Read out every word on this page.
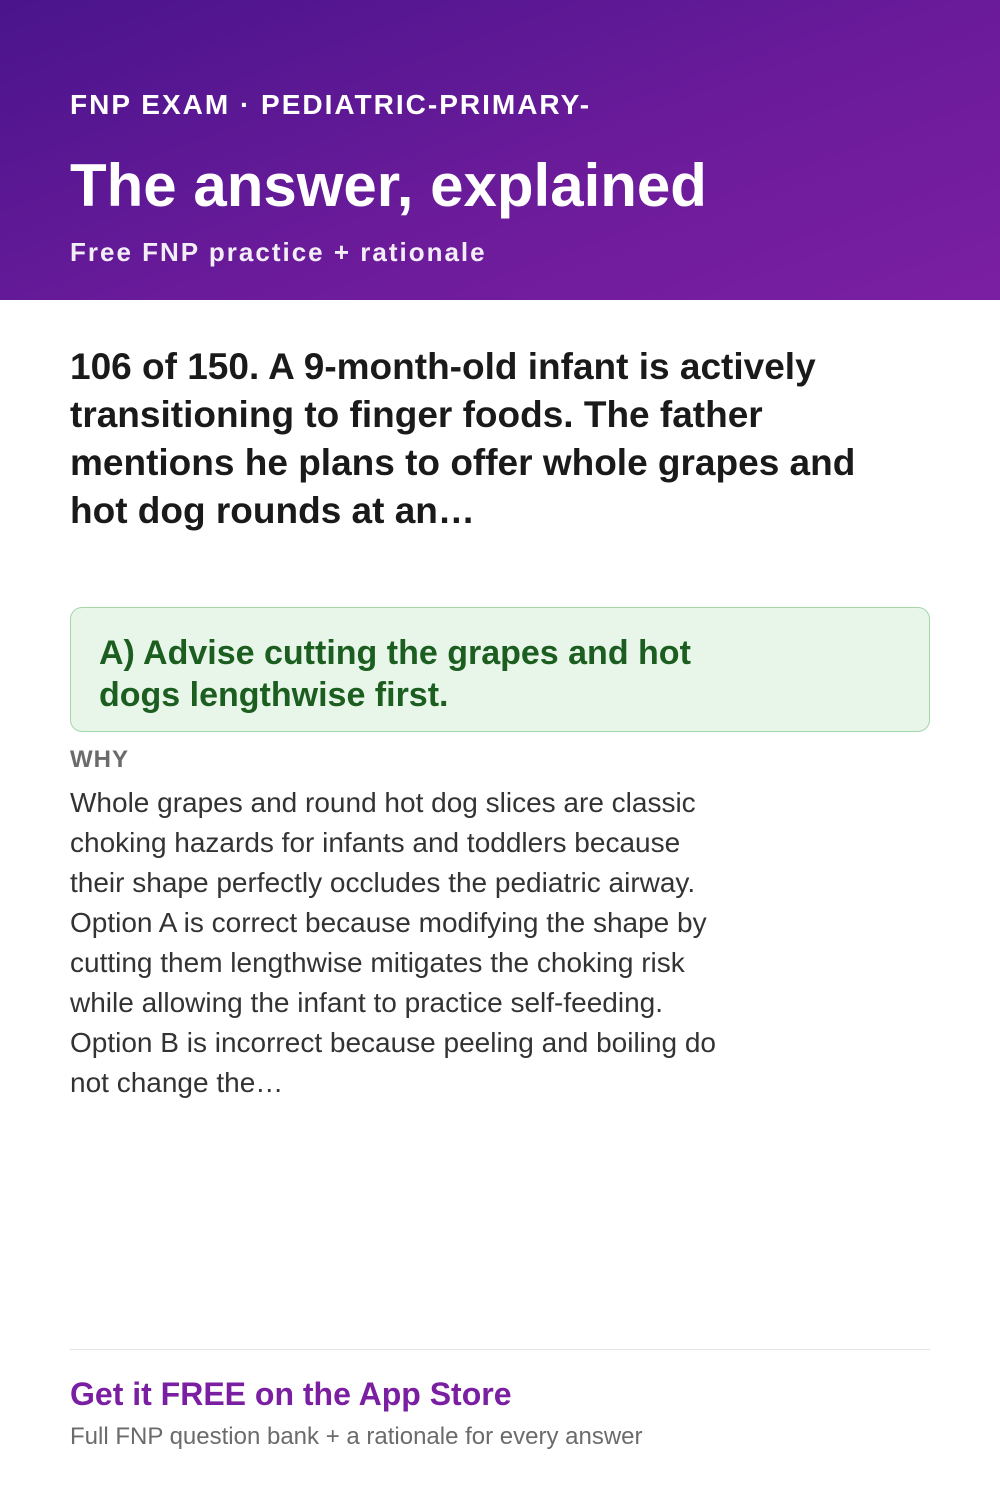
FNP EXAM · PEDIATRIC-PRIMARY-
The answer, explained
Free FNP practice + rationale
106 of 150. A 9-month-old infant is actively transitioning to finger foods. The father mentions he plans to offer whole grapes and hot dog rounds at an…
A) Advise cutting the grapes and hot dogs lengthwise first.
WHY
Whole grapes and round hot dog slices are classic choking hazards for infants and toddlers because their shape perfectly occludes the pediatric airway. Option A is correct because modifying the shape by cutting them lengthwise mitigates the choking risk while allowing the infant to practice self-feeding. Option B is incorrect because peeling and boiling do not change the…
Get it FREE on the App Store
Full FNP question bank + a rationale for every answer
